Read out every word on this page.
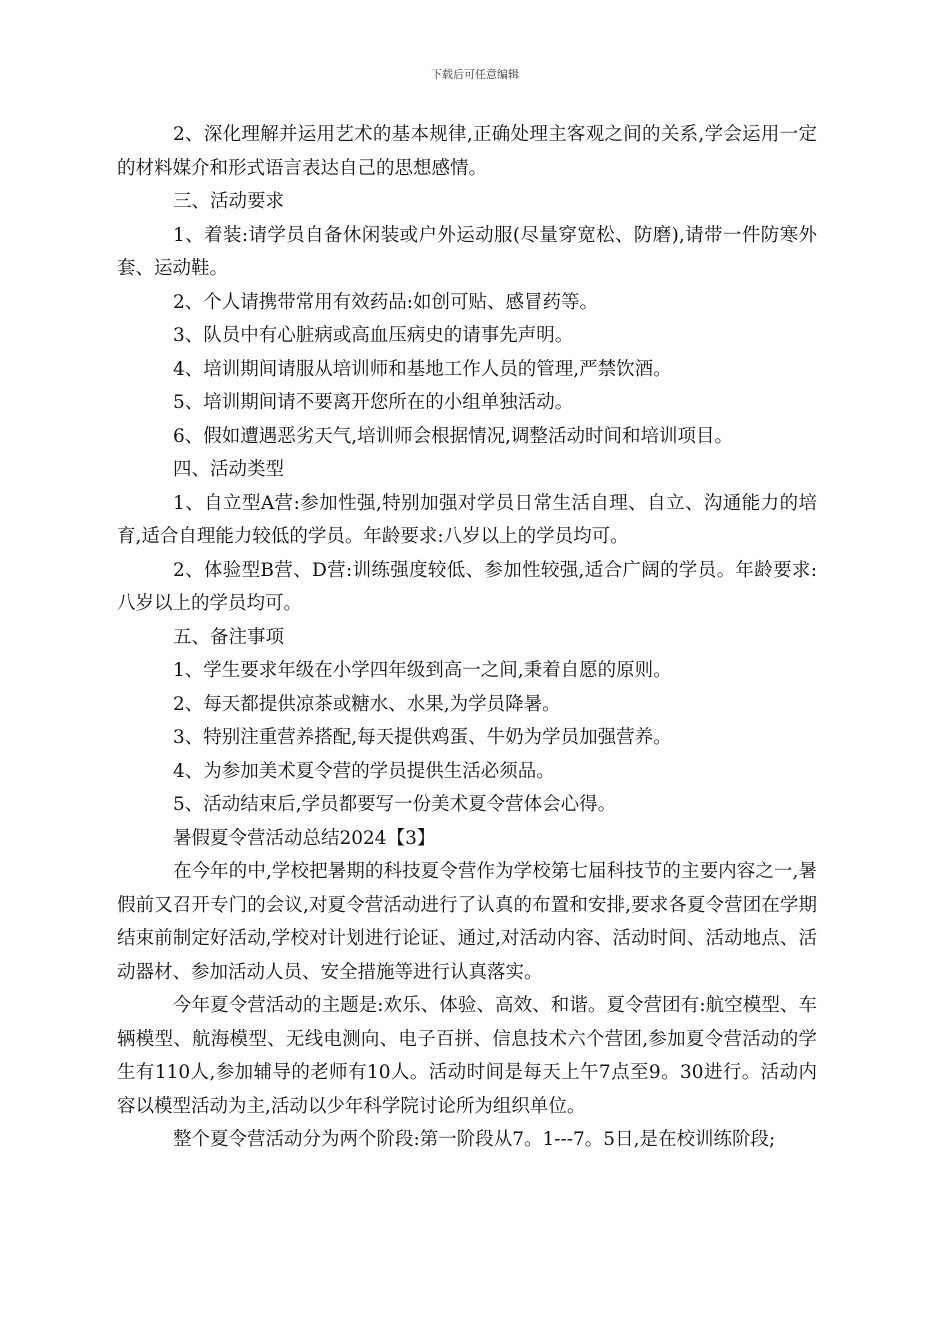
下载后可任意编辑

2、深化理解并运用艺术的基本规律,正确处理主客观之间的关系,学会运用一定的材料媒介和形式语言表达自己的思想感情。

三、活动要求

1、着装:请学员自备休闲装或户外运动服(尽量穿宽松、防磨),请带一件防寒外套、运动鞋。

2、个人请携带常用有效药品:如创可贴、感冒药等。

3、队员中有心脏病或高血压病史的请事先声明。

4、培训期间请服从培训师和基地工作人员的管理,严禁饮酒。

5、培训期间请不要离开您所在的小组单独活动。

6、假如遭遇恶劣天气,培训师会根据情况,调整活动时间和培训项目。

四、活动类型

1、自立型A营:参加性强,特别加强对学员日常生活自理、自立、沟通能力的培育,适合自理能力较低的学员。年龄要求:八岁以上的学员均可。

2、体验型B营、D营:训练强度较低、参加性较强,适合广阔的学员。年龄要求:八岁以上的学员均可。

五、备注事项

1、学生要求年级在小学四年级到高一之间,秉着自愿的原则。

2、每天都提供凉茶或糖水、水果,为学员降暑。

3、特别注重营养搭配,每天提供鸡蛋、牛奶为学员加强营养。

4、为参加美术夏令营的学员提供生活必须品。

5、活动结束后,学员都要写一份美术夏令营体会心得。

暑假夏令营活动总结2024【3】

在今年的中,学校把暑期的科技夏令营作为学校第七届科技节的主要内容之一,暑假前又召开专门的会议,对夏令营活动进行了认真的布置和安排,要求各夏令营团在学期结束前制定好活动,学校对计划进行论证、通过,对活动内容、活动时间、活动地点、活动器材、参加活动人员、安全措施等进行认真落实。

今年夏令营活动的主题是:欢乐、体验、高效、和谐。夏令营团有:航空模型、车辆模型、航海模型、无线电测向、电子百拼、信息技术六个营团,参加夏令营活动的学生有110人,参加辅导的老师有10人。活动时间是每天上午7点至9。30进行。活动内容以模型活动为主,活动以少年科学院讨论所为组织单位。

整个夏令营活动分为两个阶段:第一阶段从7。1---7。5日,是在校训练阶段;
